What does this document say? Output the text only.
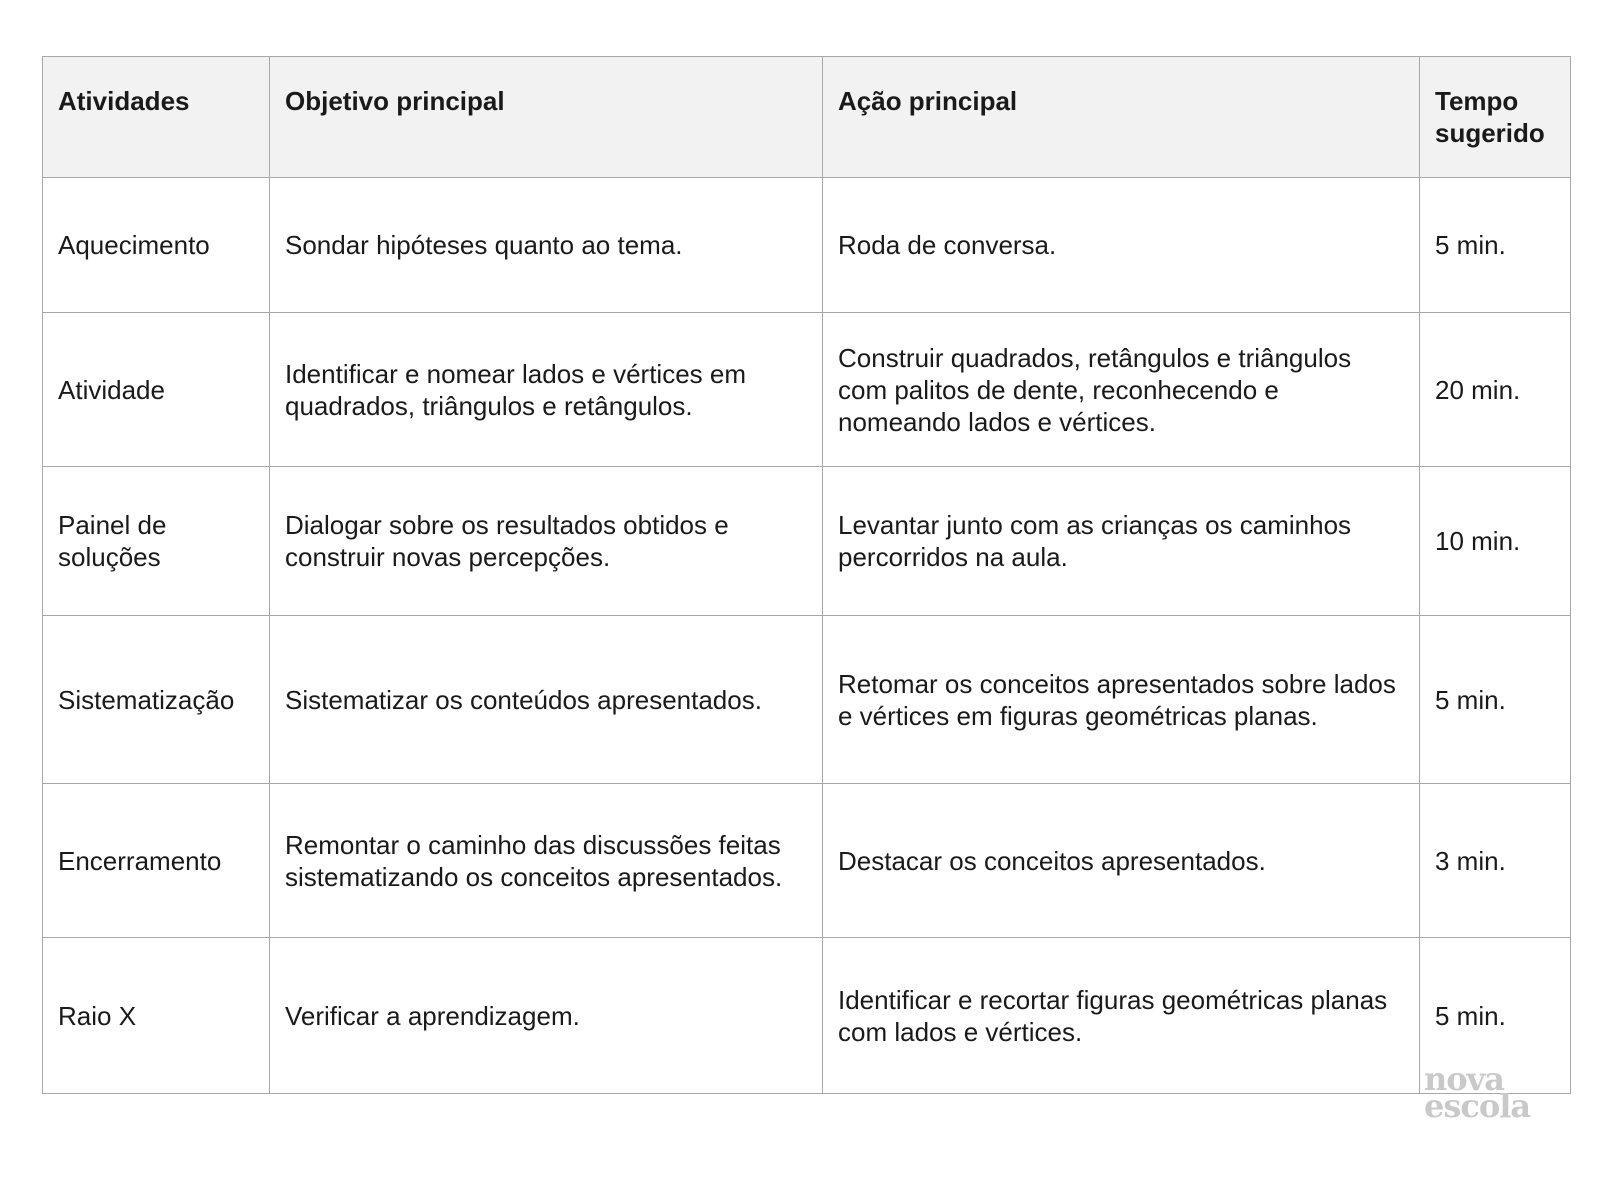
Atividades	Objetivo principal	Ação principal	Tempo sugerido
Aquecimento	Sondar hipóteses quanto ao tema.	Roda de conversa.	5 min.
Atividade	Identificar e nomear lados e vértices em quadrados, triângulos e retângulos.	Construir quadrados, retângulos e triângulos com palitos de dente, reconhecendo e nomeando lados e vértices.	20 min.
Painel de soluções	Dialogar sobre os resultados obtidos e construir novas percepções.	Levantar junto com as crianças os caminhos percorridos na aula.	10 min.
Sistematização	Sistematizar os conteúdos apresentados.	Retomar os conceitos apresentados sobre lados e vértices em figuras geométricas planas.	5 min.
Encerramento	Remontar o caminho das discussões feitas sistematizando os conceitos apresentados.	Destacar os conceitos apresentados.	3 min.
Raio X	Verificar a aprendizagem.	Identificar e recortar figuras geométricas planas com lados e vértices.	5 min.
nova
escola
